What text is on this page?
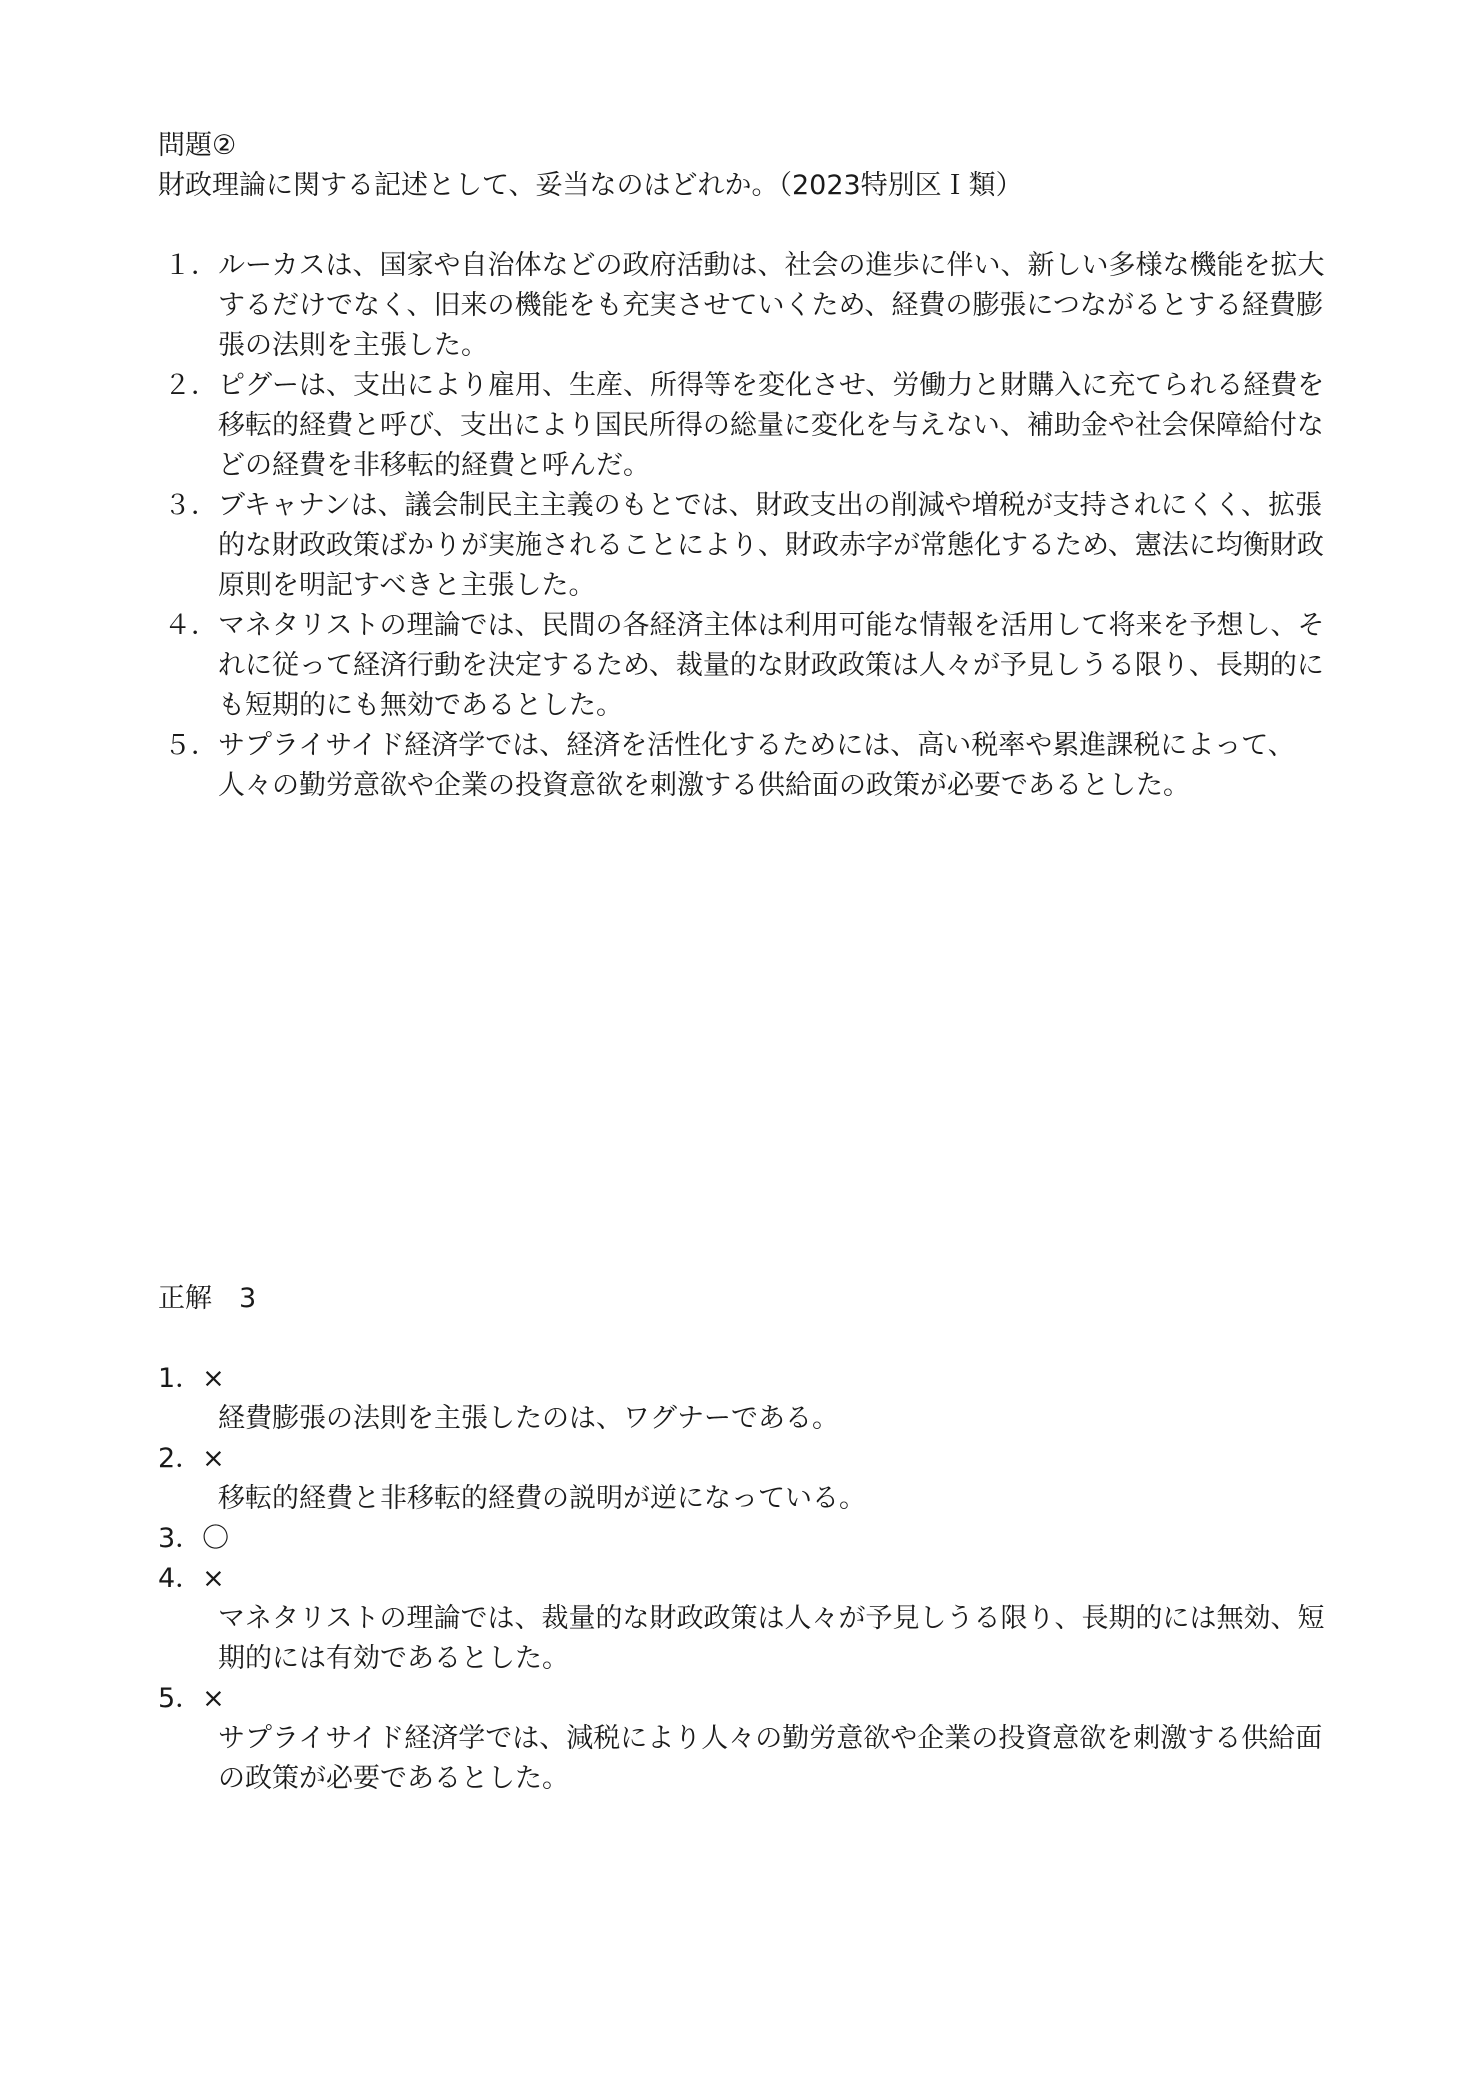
問題②
財政理論に関する記述として、妥当なのはどれか。（2023特別区Ｉ類）
１． ルーカスは、国家や自治体などの政府活動は、社会の進歩に伴い、新しい多様な機能を拡大するだけでなく、旧来の機能をも充実させていくため、経費の膨張につながるとする経費膨張の法則を主張した。
２． ピグーは、支出により雇用、生産、所得等を変化させ、労働力と財購入に充てられる経費を移転的経費と呼び、支出により国民所得の総量に変化を与えない、補助金や社会保障給付などの経費を非移転的経費と呼んだ。
３． ブキャナンは、議会制民主主義のもとでは、財政支出の削減や増税が支持されにくく、拡張的な財政政策ばかりが実施されることにより、財政赤字が常態化するため、憲法に均衡財政原則を明記すべきと主張した。
４． マネタリストの理論では、民間の各経済主体は利用可能な情報を活用して将来を予想し、それに従って経済行動を決定するため、裁量的な財政政策は人々が予見しうる限り、長期的にも短期的にも無効であるとした。
５． サプライサイド経済学では、経済を活性化するためには、高い税率や累進課税によって、人々の勤労意欲や企業の投資意欲を刺激する供給面の政策が必要であるとした。
正解　3
1．×
経費膨張の法則を主張したのは、ワグナーである。
2．×
移転的経費と非移転的経費の説明が逆になっている。
3．〇
4．×
マネタリストの理論では、裁量的な財政政策は人々が予見しうる限り、長期的には無効、短期的には有効であるとした。
5．×
サプライサイド経済学では、減税により人々の勤労意欲や企業の投資意欲を刺激する供給面の政策が必要であるとした。
